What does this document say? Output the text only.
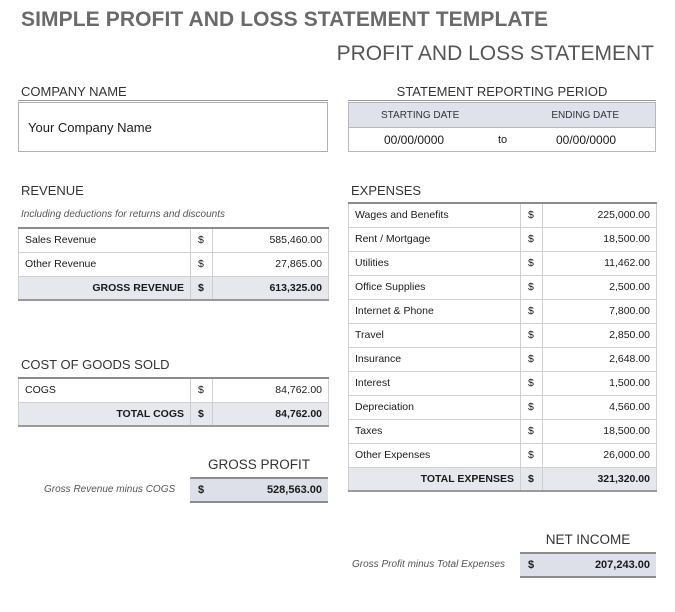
SIMPLE PROFIT AND LOSS STATEMENT TEMPLATE
PROFIT AND LOSS STATEMENT
COMPANY NAME
Your Company Name
STATEMENT REPORTING PERIOD
STARTING DATE	ENDING DATE
00/00/0000	to	00/00/0000
REVENUE
Including deductions for returns and discounts
Sales Revenue	$	585,460.00
Other Revenue	$	27,865.00
GROSS REVENUE	$	613,325.00
COST OF GOODS SOLD
COGS	$	84,762.00
TOTAL COGS	$	84,762.00
GROSS PROFIT
Gross Revenue minus COGS $	528,563.00
EXPENSES
Wages and Benefits	$	225,000.00
Rent / Mortgage	$	18,500.00
Utilities	$	11,462.00
Office Supplies	$	2,500.00
Internet & Phone	$	7,800.00
Travel	$	2,850.00
Insurance	$	2,648.00
Interest	$	1,500.00
Depreciation	$	4,560.00
Taxes	$	18,500.00
Other Expenses	$	26,000.00
TOTAL EXPENSES	$	321,320.00
NET INCOME
Gross Profit minus Total Expenses $	207,243.00
